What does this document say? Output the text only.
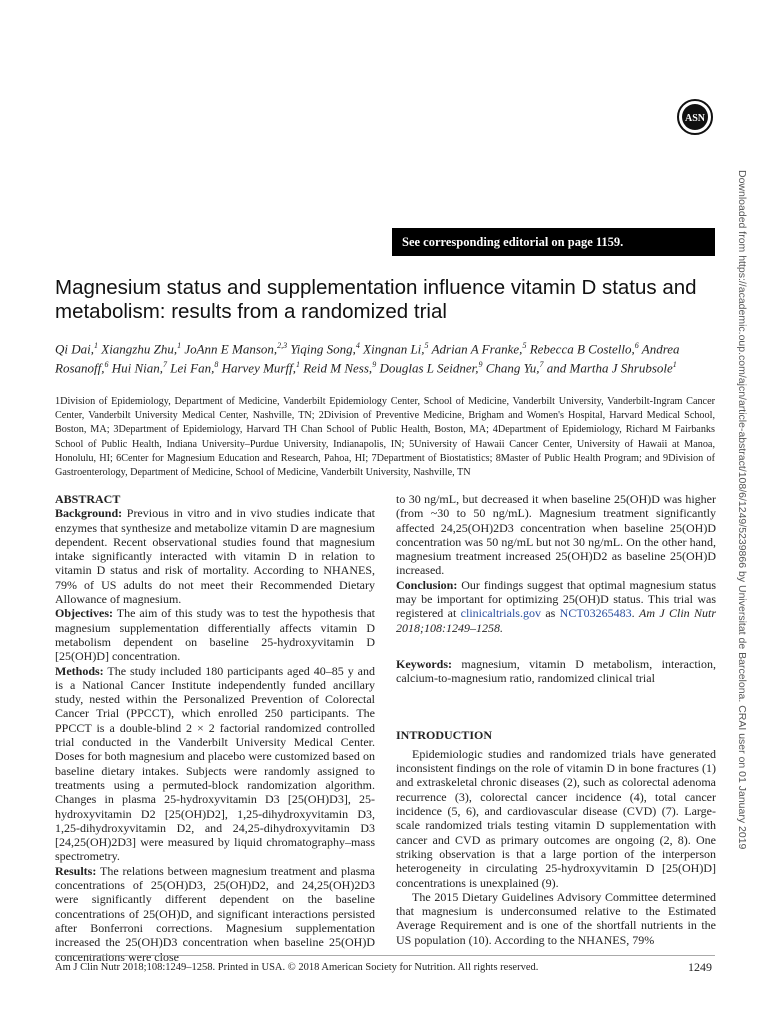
ASN
Downloaded from https://academic.oup.com/ajcn/article-abstract/108/6/1249/5239866 by Universitat de Barcelona. CRAI user on 01 January 2019
See corresponding editorial on page 1159.
Magnesium status and supplementation influence vitamin D status and metabolism: results from a randomized trial
Qi Dai,$^1$ Xiangzhu Zhu,$^1$ JoAnn E Manson,$^{2,3}$ Yiqing Song,$^4$ Xingnan Li,$^5$ Adrian A Franke,$^5$ Rebecca B Costello,$^6$ Andrea Rosanoff,$^6$ Hui Nian,$^7$ Lei Fan,$^8$ Harvey Murff,$^1$ Reid M Ness,$^9$ Douglas L Seidner,$^9$ Chang Yu,$^7$ and Martha J Shrubsole$^1$
1Division of Epidemiology, Department of Medicine, Vanderbilt Epidemiology Center, School of Medicine, Vanderbilt University, Vanderbilt-Ingram Cancer Center, Vanderbilt University Medical Center, Nashville, TN; 2Division of Preventive Medicine, Brigham and Women's Hospital, Harvard Medical School, Boston, MA; 3Department of Epidemiology, Harvard TH Chan School of Public Health, Boston, MA; 4Department of Epidemiology, Richard M Fairbanks School of Public Health, Indiana University–Purdue University, Indianapolis, IN; 5University of Hawaii Cancer Center, University of Hawaii at Manoa, Honolulu, HI; 6Center for Magnesium Education and Research, Pahoa, HI; 7Department of Biostatistics; 8Master of Public Health Program; and 9Division of Gastroenterology, Department of Medicine, School of Medicine, Vanderbilt University, Nashville, TN

ABSTRACT

Background: Previous in vitro and in vivo studies indicate that enzymes that synthesize and metabolize vitamin D are magnesium dependent. Recent observational studies found that magnesium intake significantly interacted with vitamin D in relation to vitamin D status and risk of mortality. According to NHANES, 79% of US adults do not meet their Recommended Dietary Allowance of magnesium.

Objectives: The aim of this study was to test the hypothesis that magnesium supplementation differentially affects vitamin D metabolism dependent on baseline 25-hydroxyvitamin D [25(OH)D] concentration.

Methods: The study included 180 participants aged 40–85 y and is a National Cancer Institute independently funded ancillary study, nested within the Personalized Prevention of Colorectal Cancer Trial (PPCCT), which enrolled 250 participants. The PPCCT is a double-blind 2 × 2 factorial randomized controlled trial conducted in the Vanderbilt University Medical Center. Doses for both magnesium and placebo were customized based on baseline dietary intakes. Subjects were randomly assigned to treatments using a permuted-block randomization algorithm. Changes in plasma 25-hydroxyvitamin D3 [25(OH)D3], 25-hydroxyvitamin D2 [25(OH)D2], 1,25-dihydroxyvitamin D3, 1,25-dihydroxyvitamin D2, and 24,25-dihydroxyvitamin D3 [24,25(OH)2D3] were measured by liquid chromatography–mass spectrometry.

Results: The relations between magnesium treatment and plasma concentrations of 25(OH)D3, 25(OH)D2, and 24,25(OH)2D3 were significantly different dependent on the baseline concentrations of 25(OH)D, and significant interactions persisted after Bonferroni corrections. Magnesium supplementation increased the 25(OH)D3 concentration when baseline 25(OH)D concentrations were close

to 30 ng/mL, but decreased it when baseline 25(OH)D was higher (from ~30 to 50 ng/mL). Magnesium treatment significantly affected 24,25(OH)2D3 concentration when baseline 25(OH)D concentration was 50 ng/mL but not 30 ng/mL. On the other hand, magnesium treatment increased 25(OH)D2 as baseline 25(OH)D increased.

Conclusion: Our findings suggest that optimal magnesium status may be important for optimizing 25(OH)D status. This trial was registered at clinicaltrials.gov as NCT03265483. Am J Clin Nutr 2018;108:1249–1258.

Keywords: magnesium, vitamin D metabolism, interaction, calcium-to-magnesium ratio, randomized clinical trial

INTRODUCTION

Epidemiologic studies and randomized trials have generated inconsistent findings on the role of vitamin D in bone fractures (1) and extraskeletal chronic diseases (2), such as colorectal adenoma recurrence (3), colorectal cancer incidence (4), total cancer incidence (5, 6), and cardiovascular disease (CVD) (7). Large-scale randomized trials testing vitamin D supplementation with cancer and CVD as primary outcomes are ongoing (2, 8). One striking observation is that a large portion of the interperson heterogeneity in circulating 25-hydroxyvitamin D [25(OH)D] concentrations is unexplained (9).

The 2015 Dietary Guidelines Advisory Committee determined that magnesium is underconsumed relative to the Estimated Average Requirement and is one of the shortfall nutrients in the US population (10). According to the NHANES, 79%

Am J Clin Nutr 2018;108:1249–1258. Printed in USA. © 2018 American Society for Nutrition. All rights reserved.	1249
